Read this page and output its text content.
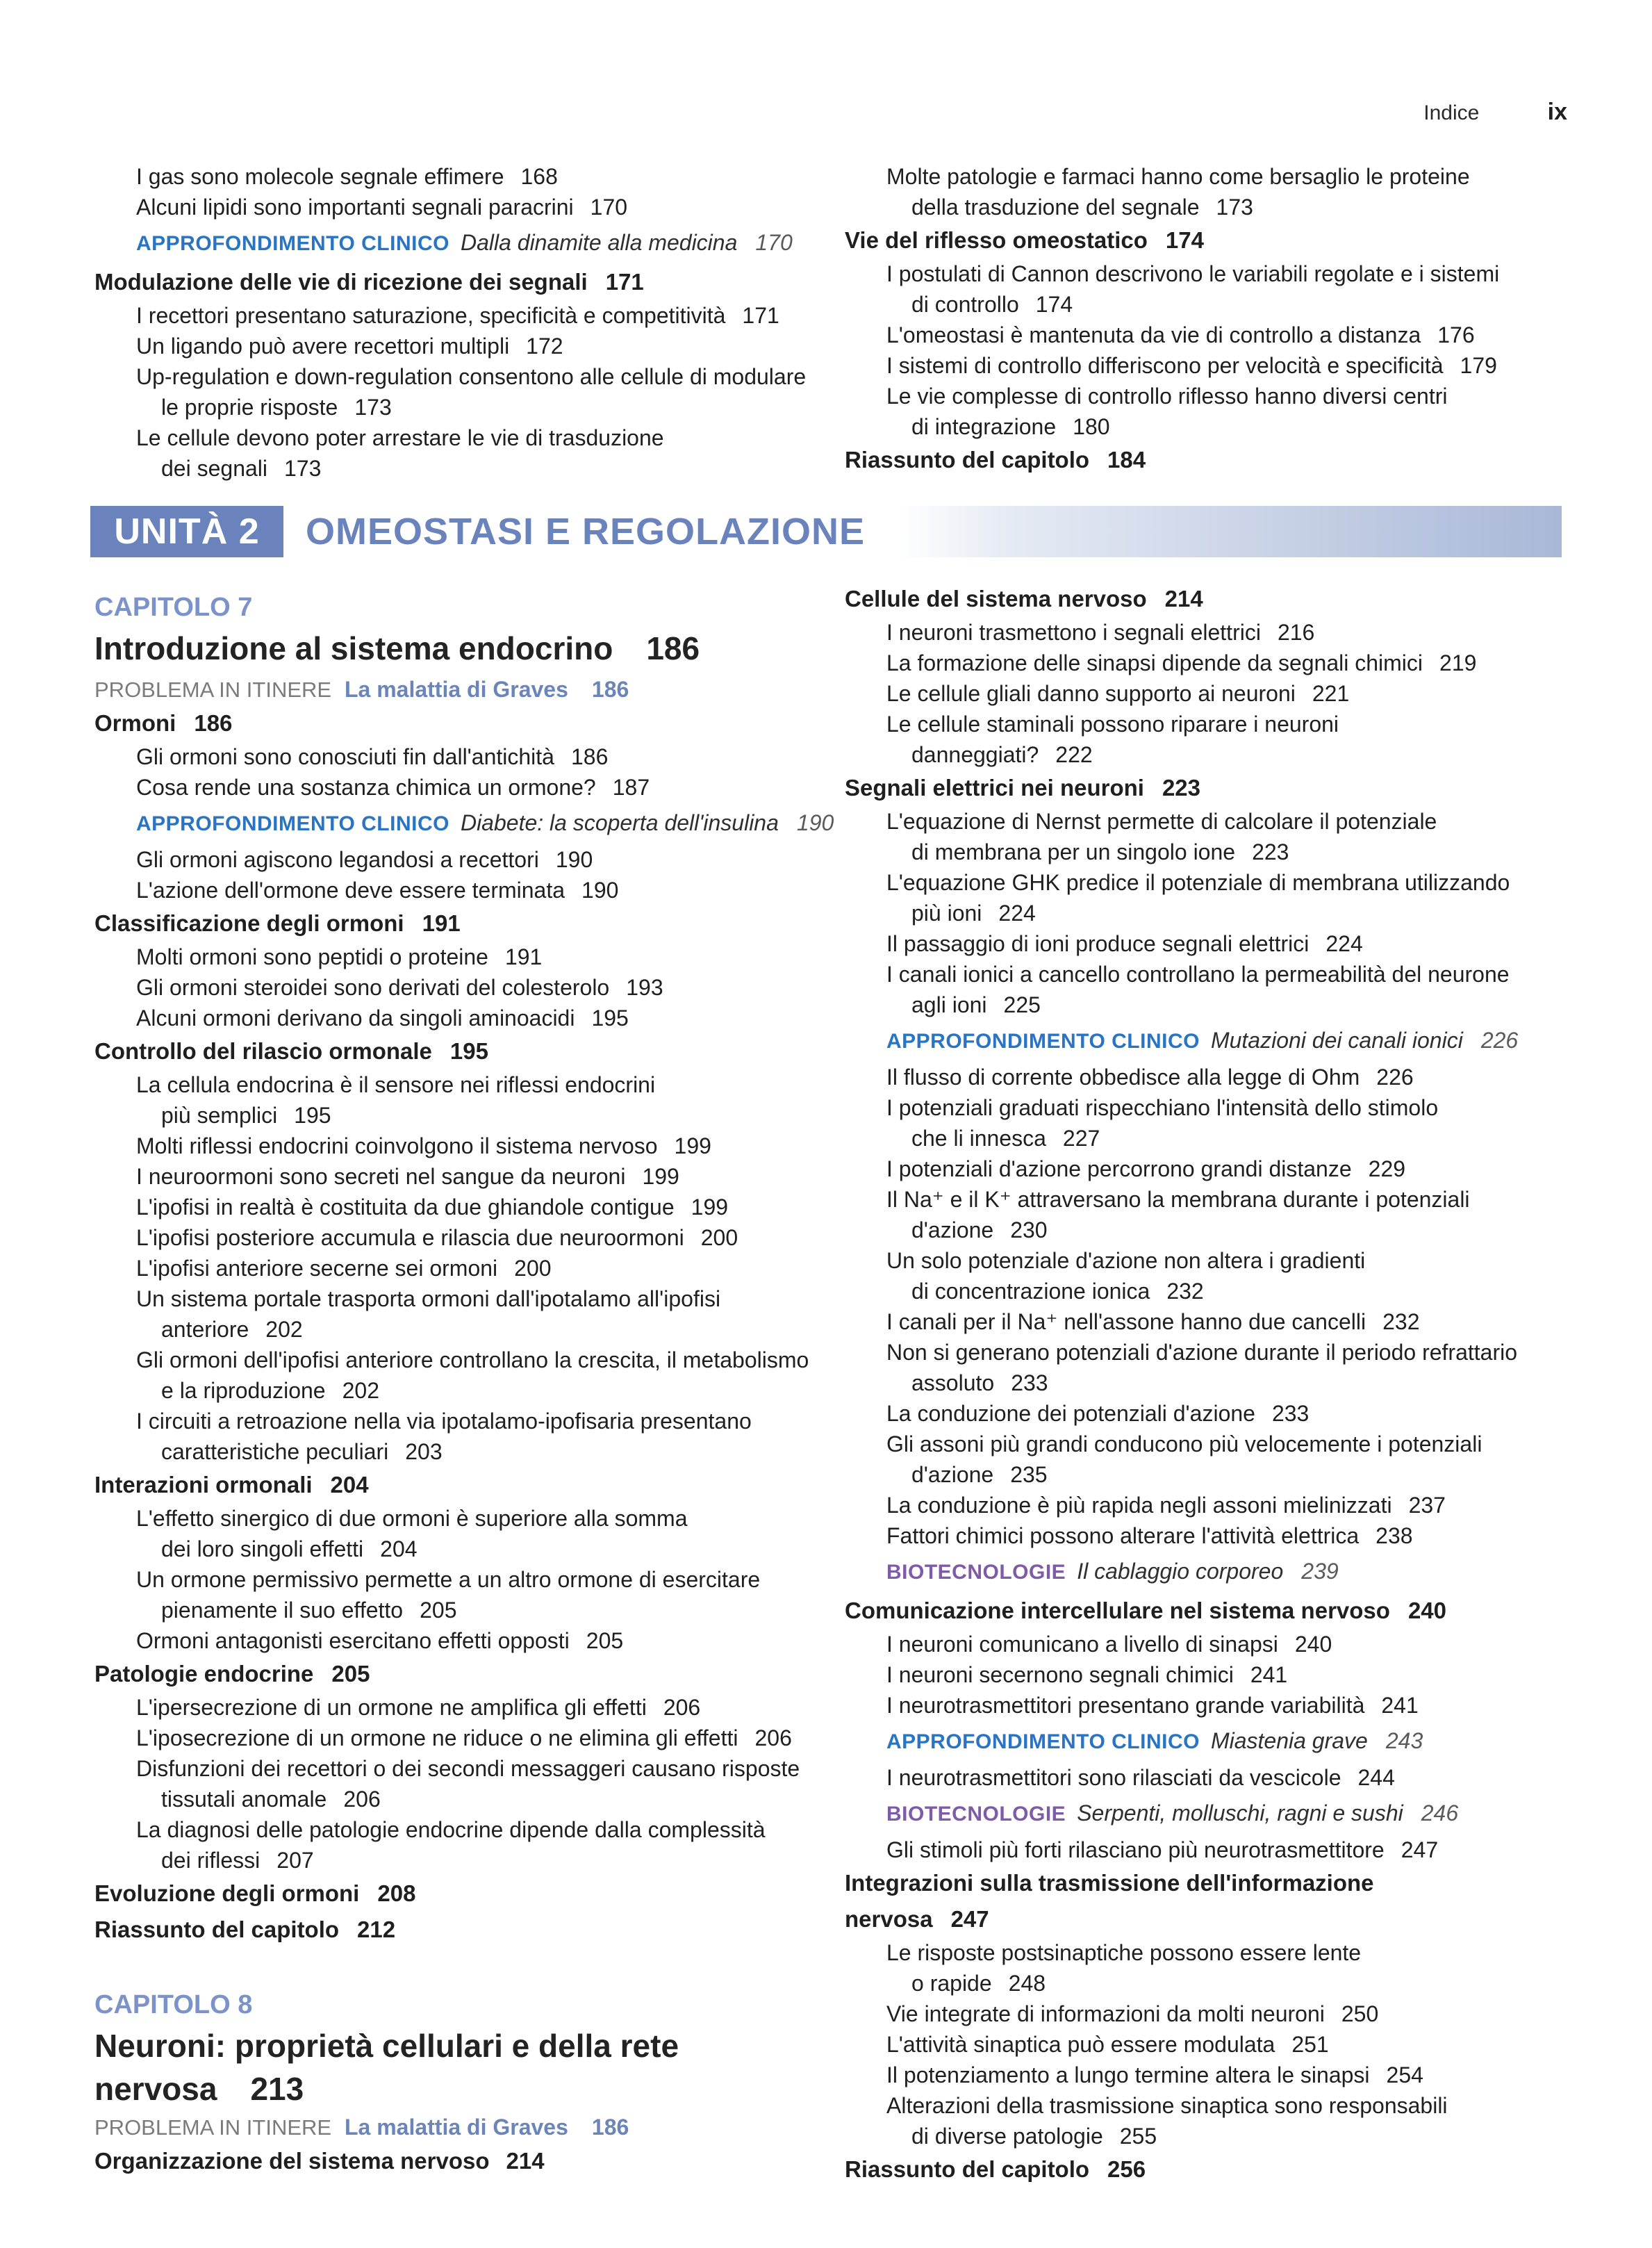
Indice	ix
I gas sono molecole segnale effimere 168
Alcuni lipidi sono importanti segnali paracrini 170
APPROFONDIMENTO CLINICO Dalla dinamite alla medicina 170
Modulazione delle vie di ricezione dei segnali 171
I recettori presentano saturazione, specificità e competitività 171
Un ligando può avere recettori multipli 172
Up-regulation e down-regulation consentono alle cellule di modulare
le proprie risposte 173
Le cellule devono poter arrestare le vie di trasduzione
dei segnali 173
Molte patologie e farmaci hanno come bersaglio le proteine
della trasduzione del segnale 173
Vie del riflesso omeostatico 174
I postulati di Cannon descrivono le variabili regolate e i sistemi
di controllo 174
L'omeostasi è mantenuta da vie di controllo a distanza 176
I sistemi di controllo differiscono per velocità e specificità 179
Le vie complesse di controllo riflesso hanno diversi centri
di integrazione 180
Riassunto del capitolo 184
UNITÀ 2	OMEOSTASI E REGOLAZIONE
CAPITOLO 7
Introduzione al sistema endocrino 186
PROBLEMA IN ITINERE La malattia di Graves 186
Ormoni 186
Gli ormoni sono conosciuti fin dall'antichità 186
Cosa rende una sostanza chimica un ormone? 187
APPROFONDIMENTO CLINICO Diabete: la scoperta dell'insulina 190
Gli ormoni agiscono legandosi a recettori 190
L'azione dell'ormone deve essere terminata 190
Classificazione degli ormoni 191
Molti ormoni sono peptidi o proteine 191
Gli ormoni steroidei sono derivati del colesterolo 193
Alcuni ormoni derivano da singoli aminoacidi 195
Controllo del rilascio ormonale 195
La cellula endocrina è il sensore nei riflessi endocrini
più semplici 195
Molti riflessi endocrini coinvolgono il sistema nervoso 199
I neuroormoni sono secreti nel sangue da neuroni 199
L'ipofisi in realtà è costituita da due ghiandole contigue 199
L'ipofisi posteriore accumula e rilascia due neuroormoni 200
L'ipofisi anteriore secerne sei ormoni 200
Un sistema portale trasporta ormoni dall'ipotalamo all'ipofisi
anteriore 202
Gli ormoni dell'ipofisi anteriore controllano la crescita, il metabolismo
e la riproduzione 202
I circuiti a retroazione nella via ipotalamo-ipofisaria presentano
caratteristiche peculiari 203
Interazioni ormonali 204
L'effetto sinergico di due ormoni è superiore alla somma
dei loro singoli effetti 204
Un ormone permissivo permette a un altro ormone di esercitare
pienamente il suo effetto 205
Ormoni antagonisti esercitano effetti opposti 205
Patologie endocrine 205
L'ipersecrezione di un ormone ne amplifica gli effetti 206
L'iposecrezione di un ormone ne riduce o ne elimina gli effetti 206
Disfunzioni dei recettori o dei secondi messaggeri causano risposte
tissutali anomale 206
La diagnosi delle patologie endocrine dipende dalla complessità
dei riflessi 207
Evoluzione degli ormoni 208
Riassunto del capitolo 212
CAPITOLO 8
Neuroni: proprietà cellulari e della rete
nervosa 213
PROBLEMA IN ITINERE La malattia di Graves 186
Organizzazione del sistema nervoso 214
Cellule del sistema nervoso 214
I neuroni trasmettono i segnali elettrici 216
La formazione delle sinapsi dipende da segnali chimici 219
Le cellule gliali danno supporto ai neuroni 221
Le cellule staminali possono riparare i neuroni
danneggiati? 222
Segnali elettrici nei neuroni 223
L'equazione di Nernst permette di calcolare il potenziale
di membrana per un singolo ione 223
L'equazione GHK predice il potenziale di membrana utilizzando
più ioni 224
Il passaggio di ioni produce segnali elettrici 224
I canali ionici a cancello controllano la permeabilità del neurone
agli ioni 225
APPROFONDIMENTO CLINICO Mutazioni dei canali ionici 226
Il flusso di corrente obbedisce alla legge di Ohm 226
I potenziali graduati rispecchiano l'intensità dello stimolo
che li innesca 227
I potenziali d'azione percorrono grandi distanze 229
Il Na⁺ e il K⁺ attraversano la membrana durante i potenziali
d'azione 230
Un solo potenziale d'azione non altera i gradienti
di concentrazione ionica 232
I canali per il Na⁺ nell'assone hanno due cancelli 232
Non si generano potenziali d'azione durante il periodo refrattario
assoluto 233
La conduzione dei potenziali d'azione 233
Gli assoni più grandi conducono più velocemente i potenziali
d'azione 235
La conduzione è più rapida negli assoni mielinizzati 237
Fattori chimici possono alterare l'attività elettrica 238
BIOTECNOLOGIE Il cablaggio corporeo 239
Comunicazione intercellulare nel sistema nervoso 240
I neuroni comunicano a livello di sinapsi 240
I neuroni secernono segnali chimici 241
I neurotrasmettitori presentano grande variabilità 241
APPROFONDIMENTO CLINICO Miastenia grave 243
I neurotrasmettitori sono rilasciati da vescicole 244
BIOTECNOLOGIE Serpenti, molluschi, ragni e sushi 246
Gli stimoli più forti rilasciano più neurotrasmettitore 247
Integrazioni sulla trasmissione dell'informazione
nervosa 247
Le risposte postsinaptiche possono essere lente
o rapide 248
Vie integrate di informazioni da molti neuroni 250
L'attività sinaptica può essere modulata 251
Il potenziamento a lungo termine altera le sinapsi 254
Alterazioni della trasmissione sinaptica sono responsabili
di diverse patologie 255
Riassunto del capitolo 256
